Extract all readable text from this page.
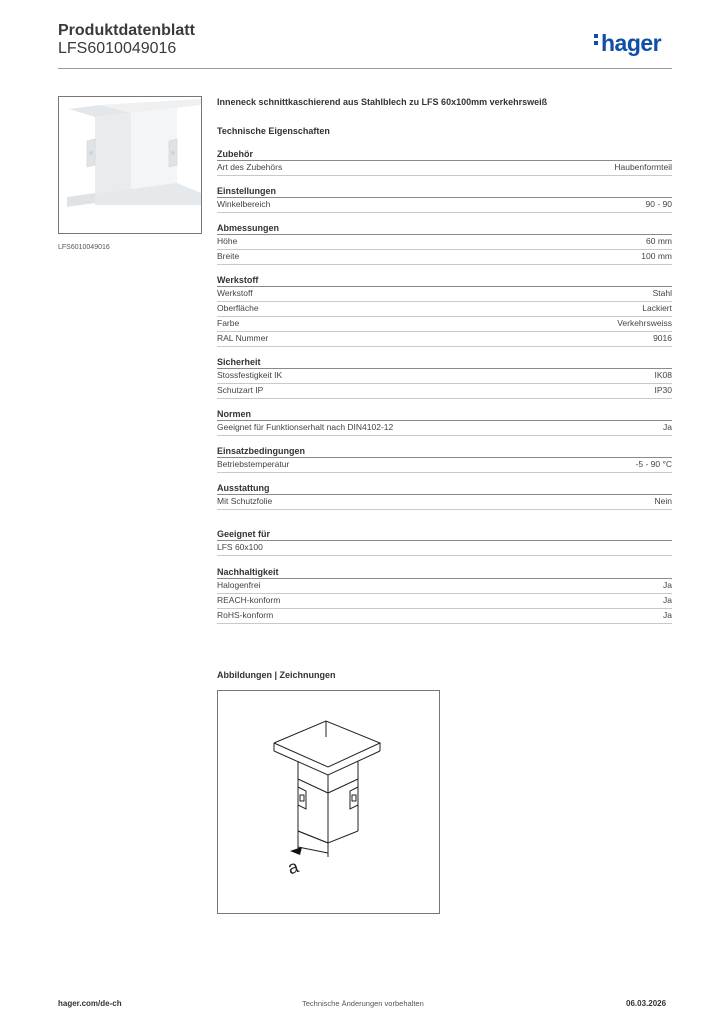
Produktdatenblatt
LFS6010049016	hager
LFS6010049016
Inneneck schnittkaschierend aus Stahlblech zu LFS 60x100mm verkehrsweiß
Technische Eigenschaften
Zubehör
Art des Zubehörs	Haubenformteil
Einstellungen
Winkelbereich	90 - 90
Abmessungen
Höhe	60 mm
Breite	100 mm
Werkstoff
Werkstoff	Stahl
Oberfläche	Lackiert
Farbe	Verkehrsweiss
RAL Nummer	9016
Sicherheit
Stossfestigkeit IK	IK08
Schutzart IP	IP30
Normen
Geeignet für Funktionserhalt nach DIN4102-12	Ja
Einsatzbedingungen
Betriebstemperatur	-5 - 90 °C
Ausstattung
Mit Schutzfolie	Nein
Geeignet für
LFS 60x100
Nachhaltigkeit
Halogenfrei	Ja
REACH-konform	Ja
RoHS-konform	Ja
Abbildungen | Zeichnungen
a
hager.com/de-ch	Technische Änderungen vorbehalten	06.03.2026
